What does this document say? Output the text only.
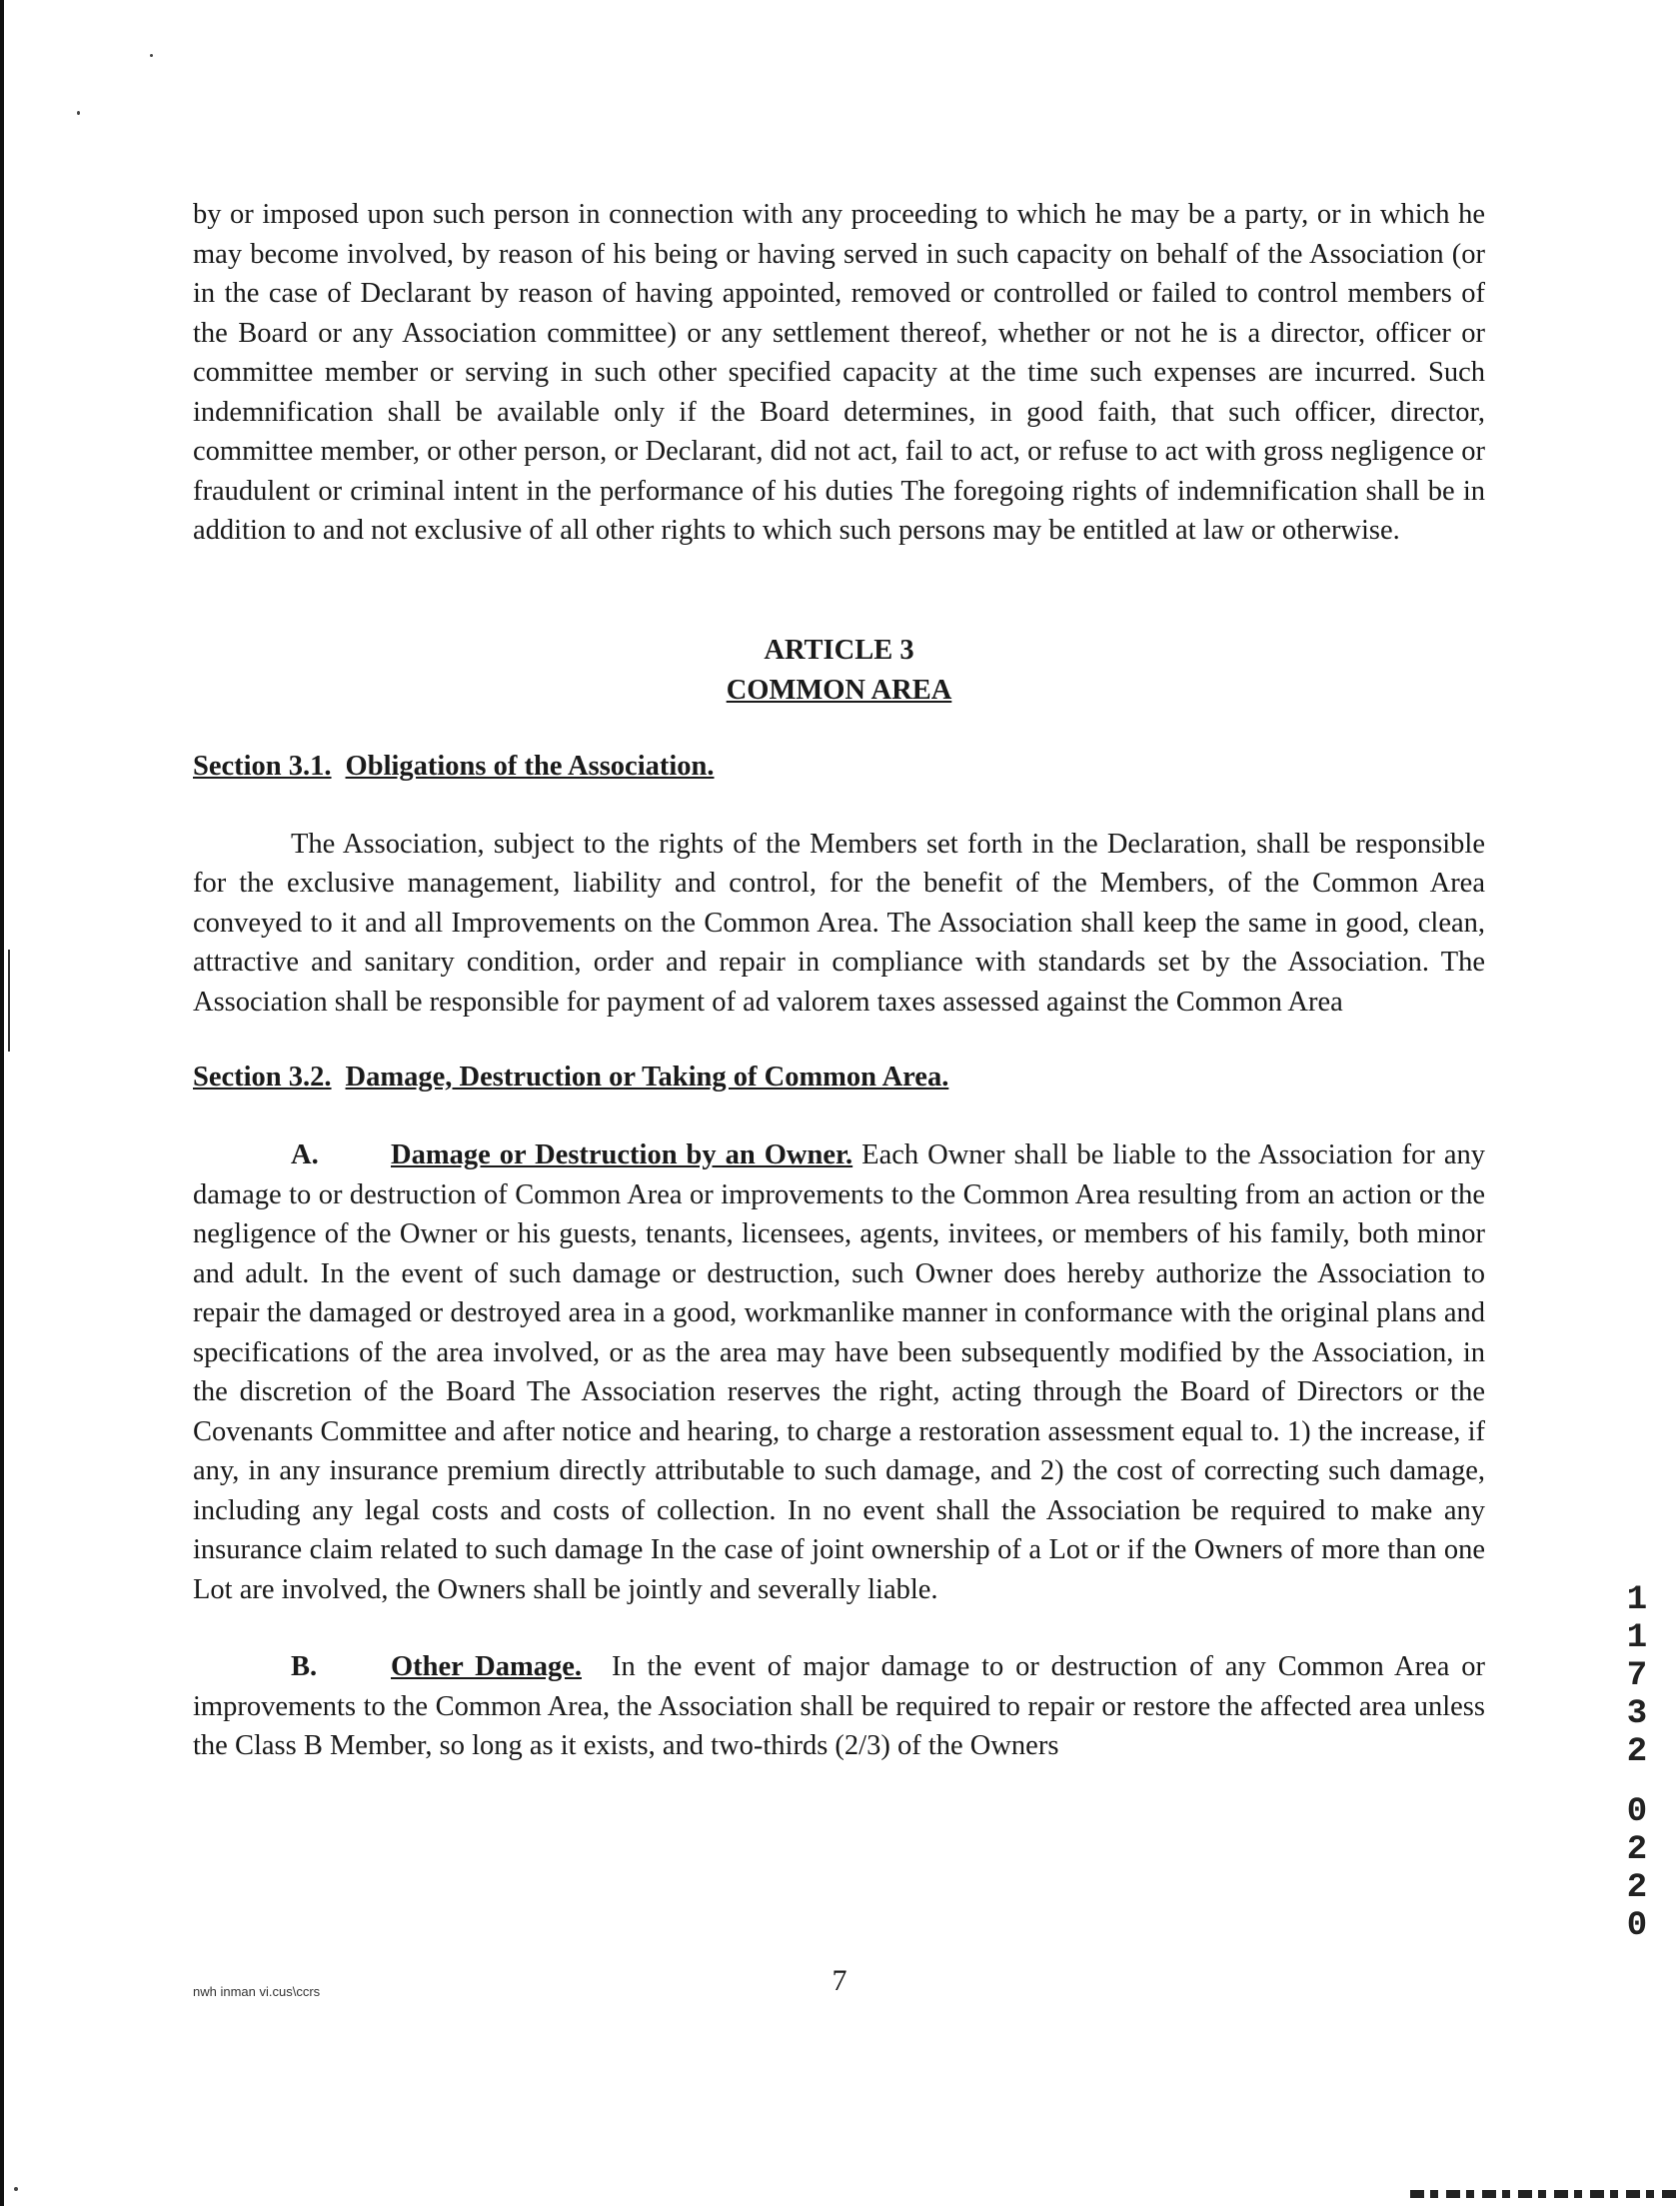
by or imposed upon such person in connection with any proceeding to which he may be a party, or in which he may become involved, by reason of his being or having served in such capacity on behalf of the Association (or in the case of Declarant by reason of having appointed, removed or controlled or failed to control members of the Board or any Association committee) or any settlement thereof, whether or not he is a director, officer or committee member or serving in such other specified capacity at the time such expenses are incurred. Such indemnification shall be available only if the Board determines, in good faith, that such officer, director, committee member, or other person, or Declarant, did not act, fail to act, or refuse to act with gross negligence or fraudulent or criminal intent in the performance of his duties The foregoing rights of indemnification shall be in addition to and not exclusive of all other rights to which such persons may be entitled at law or otherwise.

ARTICLE 3
COMMON AREA
Section 3.1. Obligations of the Association.

The Association, subject to the rights of the Members set forth in the Declaration, shall be responsible for the exclusive management, liability and control, for the benefit of the Members, of the Common Area conveyed to it and all Improvements on the Common Area. The Association shall keep the same in good, clean, attractive and sanitary condition, order and repair in compliance with standards set by the Association. The Association shall be responsible for payment of ad valorem taxes assessed against the Common Area

Section 3.2. Damage, Destruction or Taking of Common Area.

A.	Damage or Destruction by an Owner. Each Owner shall be liable to the Association for any damage to or destruction of Common Area or improvements to the Common Area resulting from an action or the negligence of the Owner or his guests, tenants, licensees, agents, invitees, or members of his family, both minor and adult. In the event of such damage or destruction, such Owner does hereby authorize the Association to repair the damaged or destroyed area in a good, workmanlike manner in conformance with the original plans and specifications of the area involved, or as the area may have been subsequently modified by the Association, in the discretion of the Board The Association reserves the right, acting through the Board of Directors or the Covenants Committee and after notice and hearing, to charge a restoration assessment equal to. 1) the increase, if any, in any insurance premium directly attributable to such damage, and 2) the cost of correcting such damage, including any legal costs and costs of collection. In no event shall the Association be required to make any insurance claim related to such damage In the case of joint ownership of a Lot or if the Owners of more than one Lot are involved, the Owners shall be jointly and severally liable.

B.	Other Damage. In the event of major damage to or destruction of any Common Area or improvements to the Common Area, the Association shall be required to repair or restore the affected area unless the Class B Member, so long as it exists, and two-thirds (2/3) of the Owners

1
1
7
3
2
0
2
2
0
7
nwh inman vi.cus\ccrs
